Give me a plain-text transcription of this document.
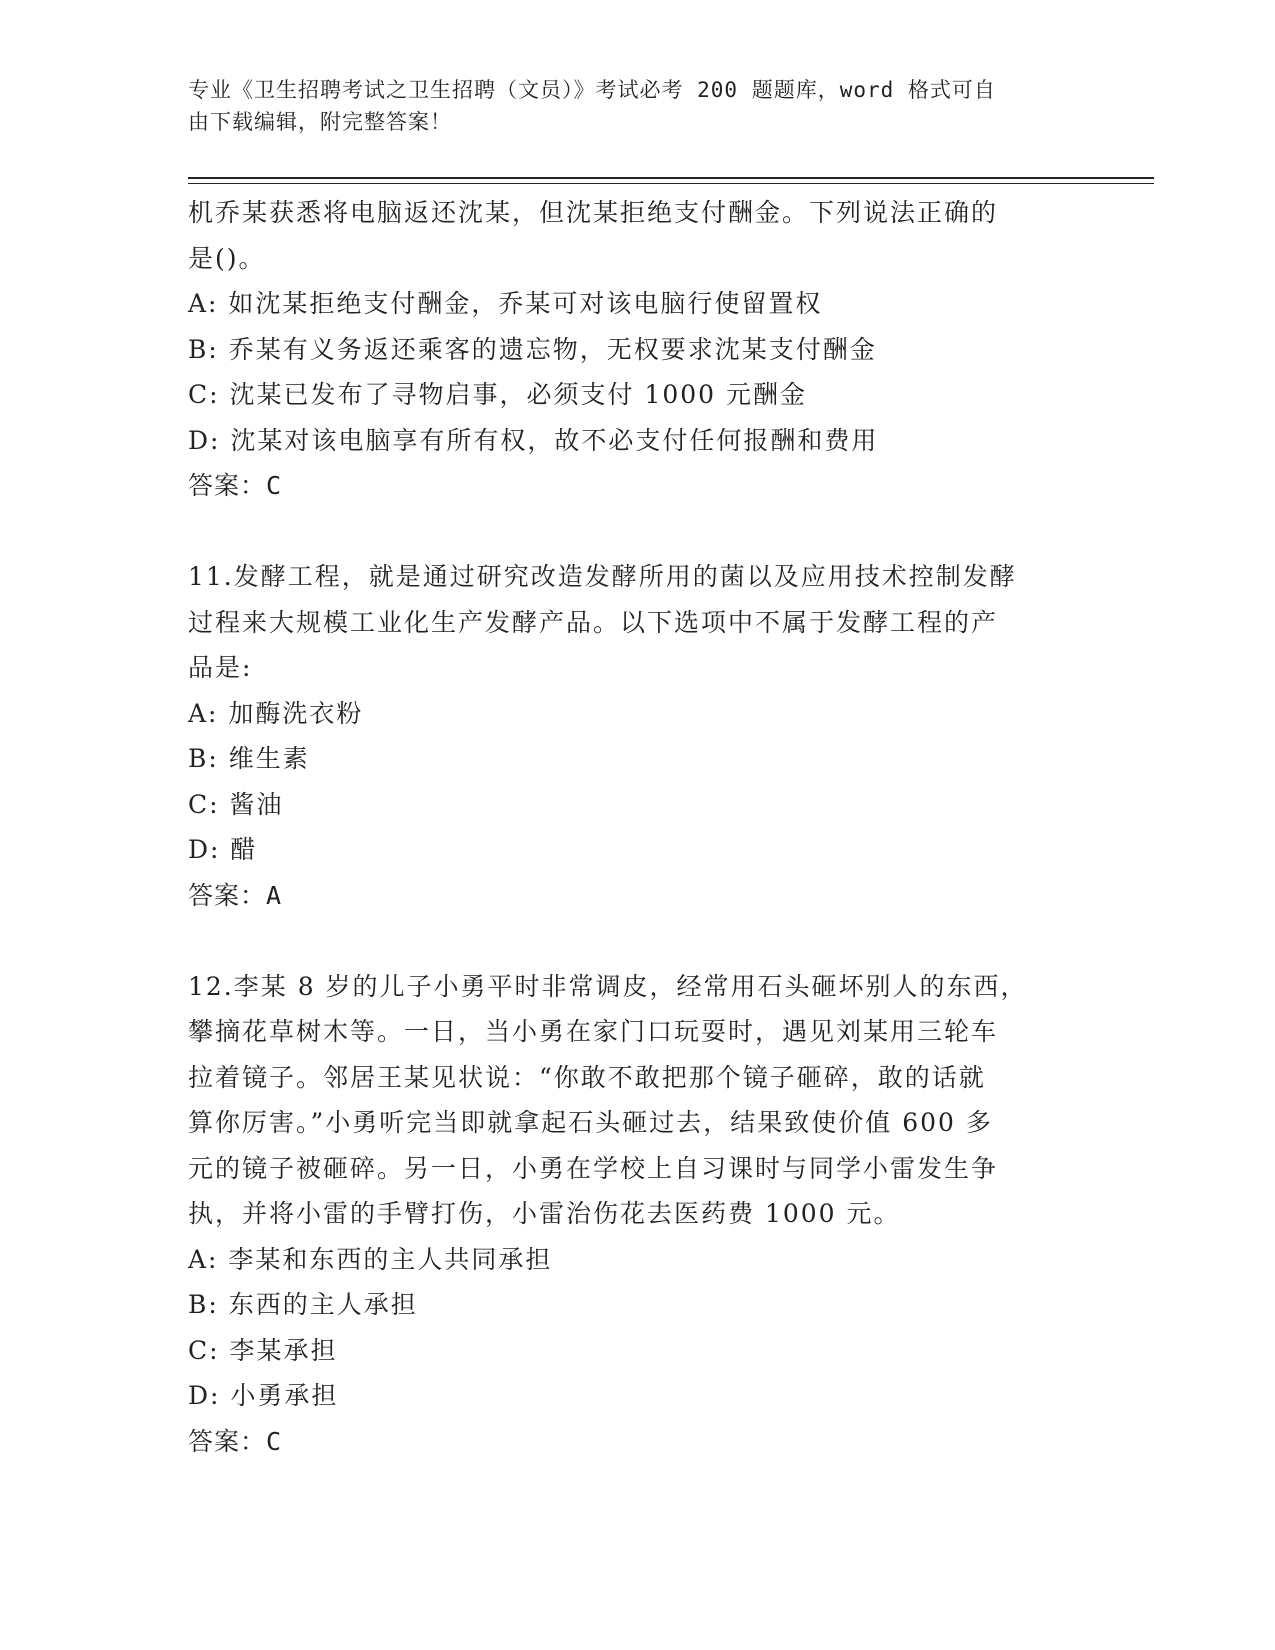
专业《卫生招聘考试之卫生招聘（文员）》考试必考 200 题题库，word 格式可自
由下载编辑，附完整答案！
机乔某获悉将电脑返还沈某，但沈某拒绝支付酬金。下列说法正确的
是()。
A: 如沈某拒绝支付酬金，乔某可对该电脑行使留置权
B: 乔某有义务返还乘客的遗忘物，无权要求沈某支付酬金
C: 沈某已发布了寻物启事，必须支付 1000 元酬金
D: 沈某对该电脑享有所有权，故不必支付任何报酬和费用
答案：C
11.发酵工程，就是通过研究改造发酵所用的菌以及应用技术控制发酵
过程来大规模工业化生产发酵产品。以下选项中不属于发酵工程的产
品是:
A: 加酶洗衣粉
B: 维生素
C: 酱油
D: 醋
答案：A
12.李某 8 岁的儿子小勇平时非常调皮，经常用石头砸坏别人的东西，
攀摘花草树木等。一日，当小勇在家门口玩耍时，遇见刘某用三轮车
拉着镜子。邻居王某见状说：“你敢不敢把那个镜子砸碎，敢的话就
算你厉害。”小勇听完当即就拿起石头砸过去，结果致使价值 600 多
元的镜子被砸碎。另一日，小勇在学校上自习课时与同学小雷发生争
执，并将小雷的手臂打伤，小雷治伤花去医药费 1000 元。
A: 李某和东西的主人共同承担
B: 东西的主人承担
C: 李某承担
D: 小勇承担
答案：C
